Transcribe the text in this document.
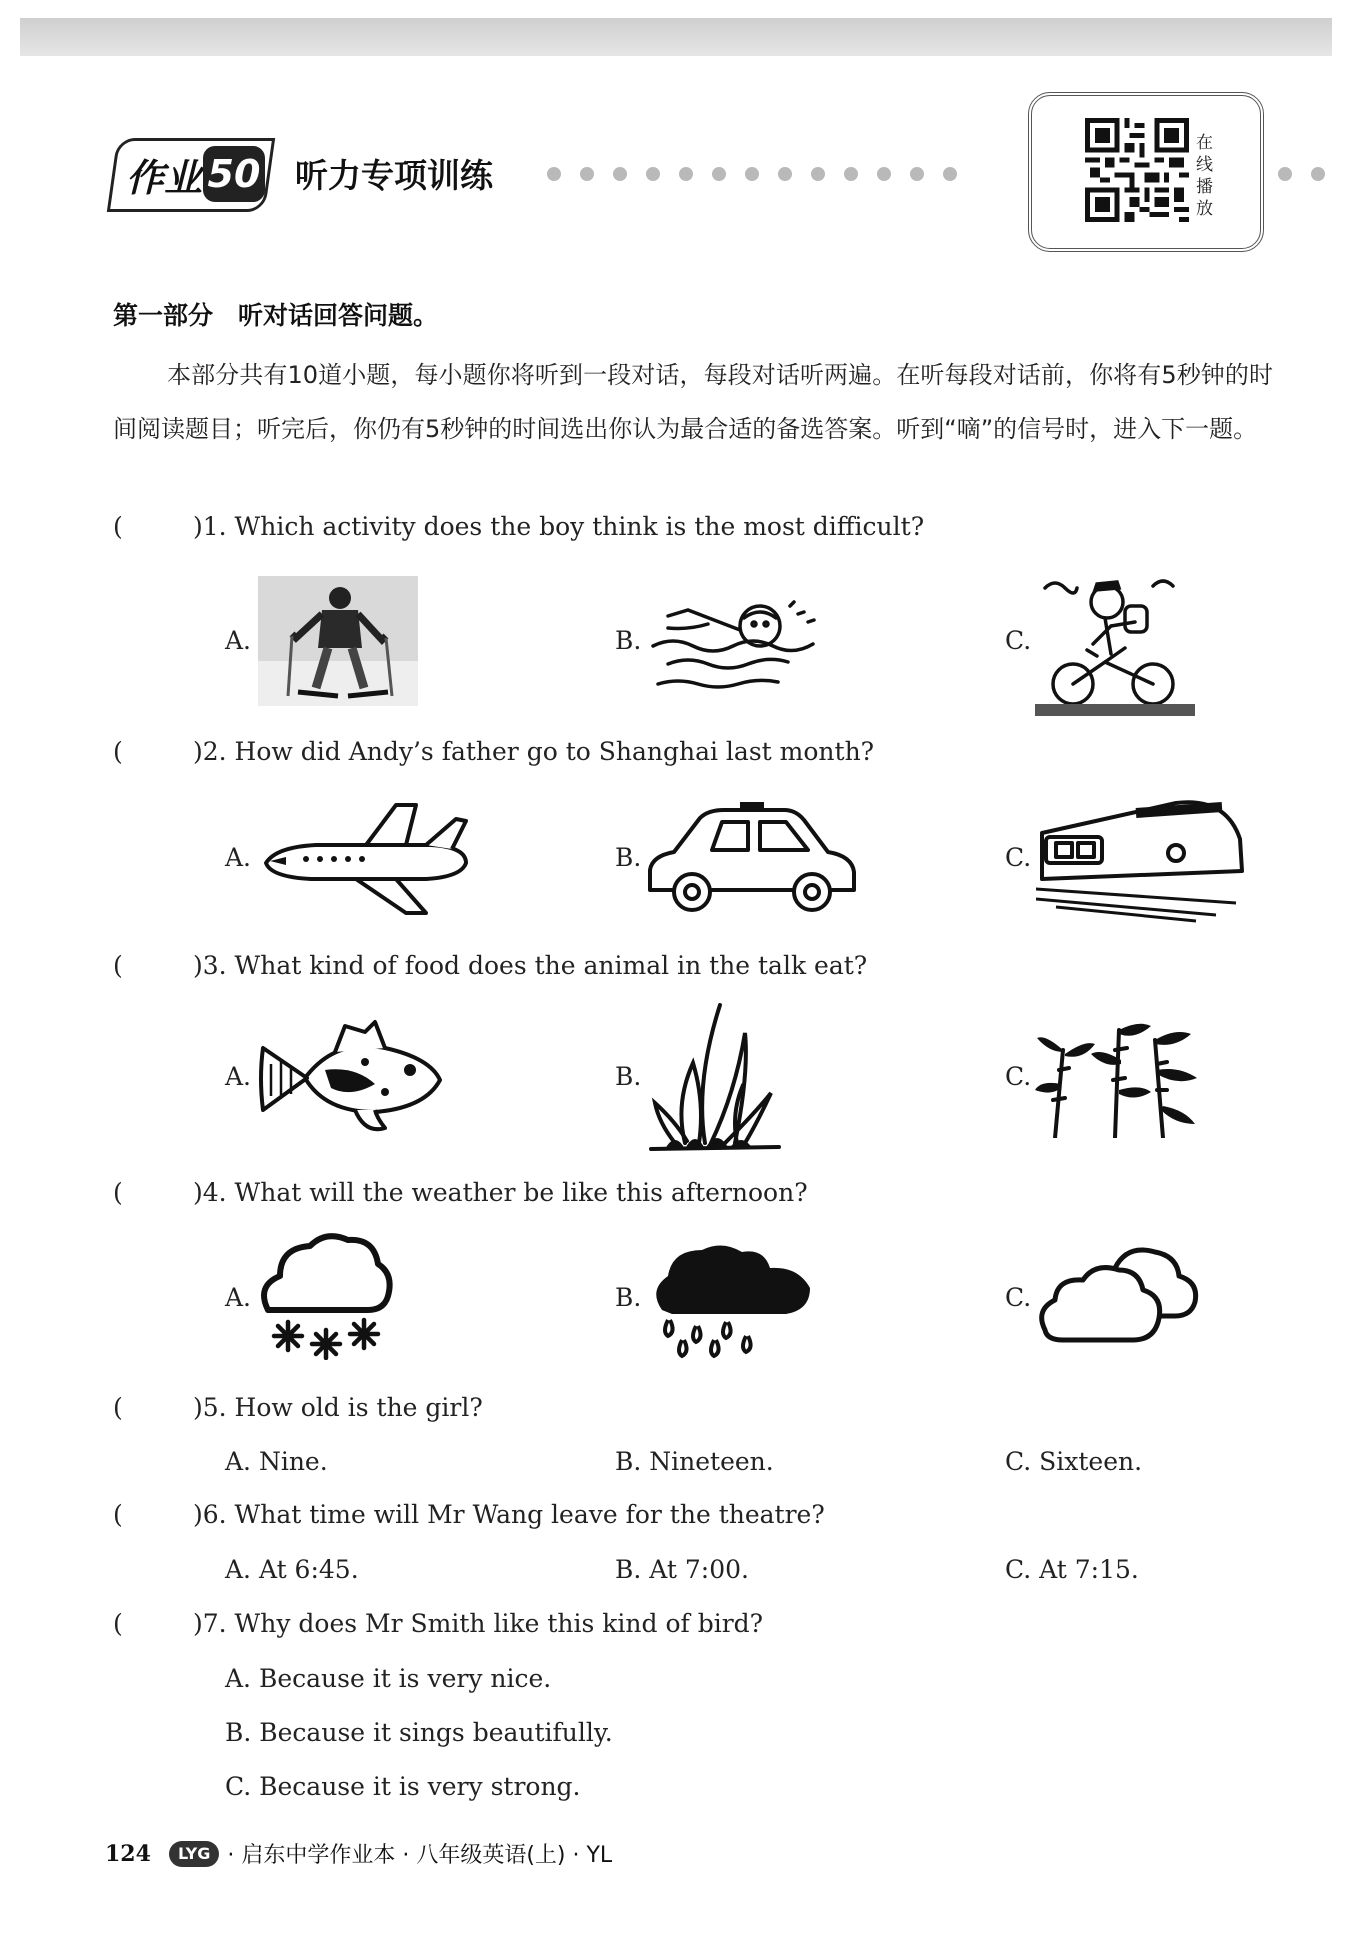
作业 50 听力专项训练
在线播放
第一部分　听对话回答问题。
本部分共有10道小题，每小题你将听到一段对话，每段对话听两遍。在听每段对话前，你将有5秒钟的时间阅读题目；听完后，你仍有5秒钟的时间选出你认为最合适的备选答案。听到“嘀”的信号时，进入下一题。
(	)1. Which activity does the boy think is the most difficult?
A.	B.	C.
(	)2. How did Andy’s father go to Shanghai last month?
A.	B.	C.
(	)3. What kind of food does the animal in the talk eat?
A.	B.	C.
(	)4. What will the weather be like this afternoon?
A.	B.	C.
(	)5. How old is the girl?
A. Nine.	B. Nineteen.	C. Sixteen.
(	)6. What time will Mr Wang leave for the theatre?
A. At 6:45.	B. At 7:00.	C. At 7:15.
(	)7. Why does Mr Smith like this kind of bird?
A. Because it is very nice.
B. Because it sings beautifully.
C. Because it is very strong.
124	LYG · 启东中学作业本 · 八年级英语(上) · YL
